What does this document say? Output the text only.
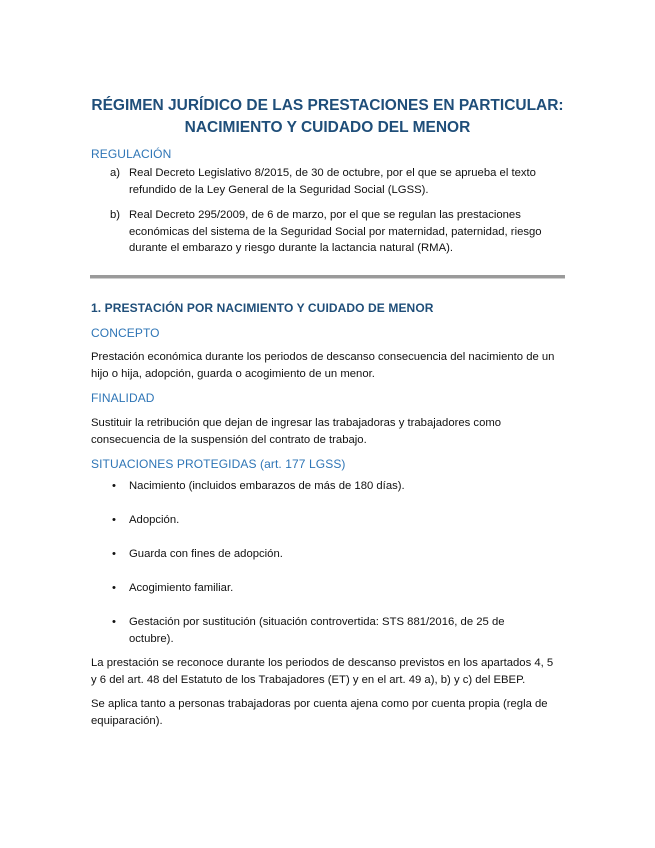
RÉGIMEN JURÍDICO DE LAS PRESTACIONES EN PARTICULAR:
NACIMIENTO Y CUIDADO DEL MENOR
REGULACIÓN
a) Real Decreto Legislativo 8/2015, de 30 de octubre, por el que se aprueba el texto refundido de la Ley General de la Seguridad Social (LGSS).
b) Real Decreto 295/2009, de 6 de marzo, por el que se regulan las prestaciones económicas del sistema de la Seguridad Social por maternidad, paternidad, riesgo durante el embarazo y riesgo durante la lactancia natural (RMA).
1. PRESTACIÓN POR NACIMIENTO Y CUIDADO DE MENOR
CONCEPTO
Prestación económica durante los periodos de descanso consecuencia del nacimiento de un hijo o hija, adopción, guarda o acogimiento de un menor.
FINALIDAD
Sustituir la retribución que dejan de ingresar las trabajadoras y trabajadores como consecuencia de la suspensión del contrato de trabajo.
SITUACIONES PROTEGIDAS (art. 177 LGSS)
• Nacimiento (incluidos embarazos de más de 180 días).
• Adopción.
• Guarda con fines de adopción.
• Acogimiento familiar.
• Gestación por sustitución (situación controvertida: STS 881/2016, de 25 de octubre).
La prestación se reconoce durante los periodos de descanso previstos en los apartados 4, 5 y 6 del art. 48 del Estatuto de los Trabajadores (ET) y en el art. 49 a), b) y c) del EBEP.
Se aplica tanto a personas trabajadoras por cuenta ajena como por cuenta propia (regla de equiparación).
